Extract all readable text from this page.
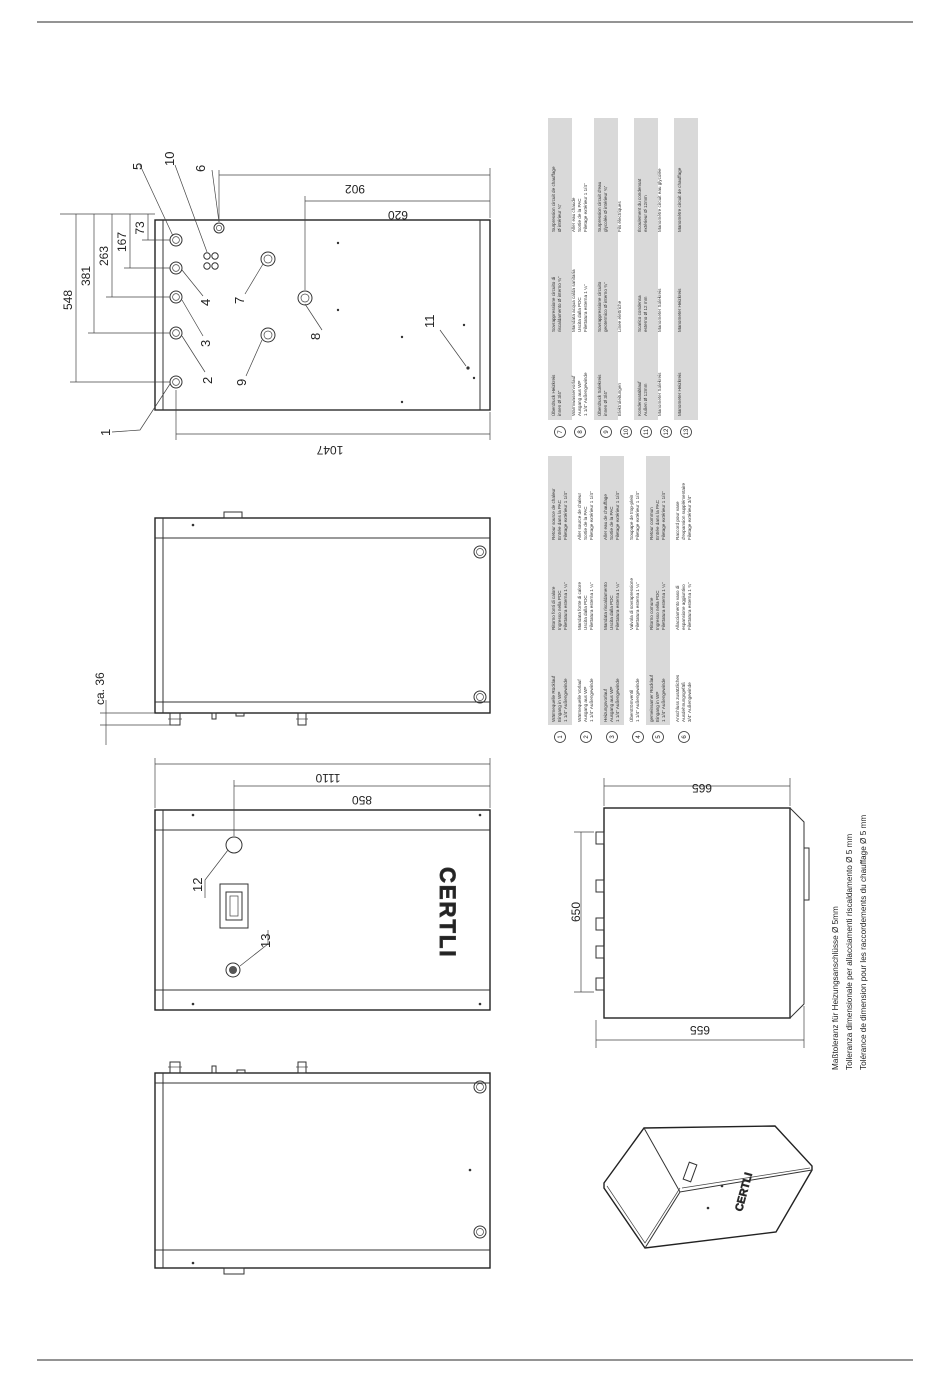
548
381
263
167
73
902
620
1047
1
2
3
4
5
10
6
7
8
9
11
ca. 36
CERTLI
1110
850
12
13
665
655
650
CERTLI
1
Wärmequelle Rücklauf Eingang in WP 1 1/4" Außengewinde
Ritorno fonti di calore Ingresso nella PDC Filettatura esterna 1 ¼"
Retour source de chaleur Entrée dans la PAC Filetage extérieur 1 1/4"
2
Wärmequelle Vorlauf Ausgang aus WP 1 1/4" Außengewinde
Mandata fonte di calore Uscita dalla PDC Filettatura esterna 1 ¼"
Aller source de chaleur Sortie de la PAC Filetage extérieur 1 1/4"
3
Heizungsvorlauf Ausgang aus WP 1 1/4" Außengewinde
Mandata riscaldamento Uscita dalla PDC Filettatura esterna 1 ¼"
Aller eau de chauffage Sortie de la PAC Filetage extérieur 1 1/4"
4
Überströmventil 1 1/4" Außengewinde
Valvola di sovrapressione Filettatura esterna 1 ¼"
Soupape de trop-plein Filetage extérieur 1 1/4"
5
gemeinsamer Rücklauf Eingang in WP 1 1/4" Außengewinde
Ritorno comune Ingresso nella PDC Filettatura esterna 1 ¼"
Retour commun Entrée dans la PAC Filetage extérieur 1 1/4"
6
Anschluss zusätzliches Ausdehnungsgefäß 3/4" Außengewinde
Allacciamento vaso di espansione aggiuntivo Filettatura esterna 1 ¾"
Raccord pour vase d'expansion supplémentaire Filetage extérieur 3/4"
7
Überdruck Heizkreis innen Ø 3/4"
Sovrappressione circuito di riscaldamento Ø interno ¾"
Surpression circuit de chauffage Ø intérieur ¾"
8
Warmwasservorlauf Ausgang aus WP 1 1/4" Außengewinde
Mandata acqua calda sanitaria Uscita dalla PDC Filettatura esterna 1 ¼"
Aller eau chaude Sortie de la PAC Filetage extérieur 1 1/4"
9
Überdruck Solekreis innen Ø 3/4"
Sovrappressione circuito geotermico Ø interno ¾"
Surpression circuit d'eau glycolée Ø intérieur ¾"
10
Elektroleitungen
Linee elettriche
Fils électriques
11
Kondensatablauf Außen Ø 12mm
Scarico condensa esterno Ø 12 mm
Écoulement du condensat extérieur Ø 12mm
12
Manometer Solekreis
Manometer Solekreis
Manomètre circuit eau glycolée
13
Manometer Heizkreis
Manometer Heizkreis
Manomètre circuit de chauffage
Maßtoleranz für Heizungsanschlüsse Ø 5mm Tolleranza dimensionale per allacciamenti riscaldamento Ø 5 mm Tolérance de dimension pour les raccordements du chauffage Ø 5 mm
